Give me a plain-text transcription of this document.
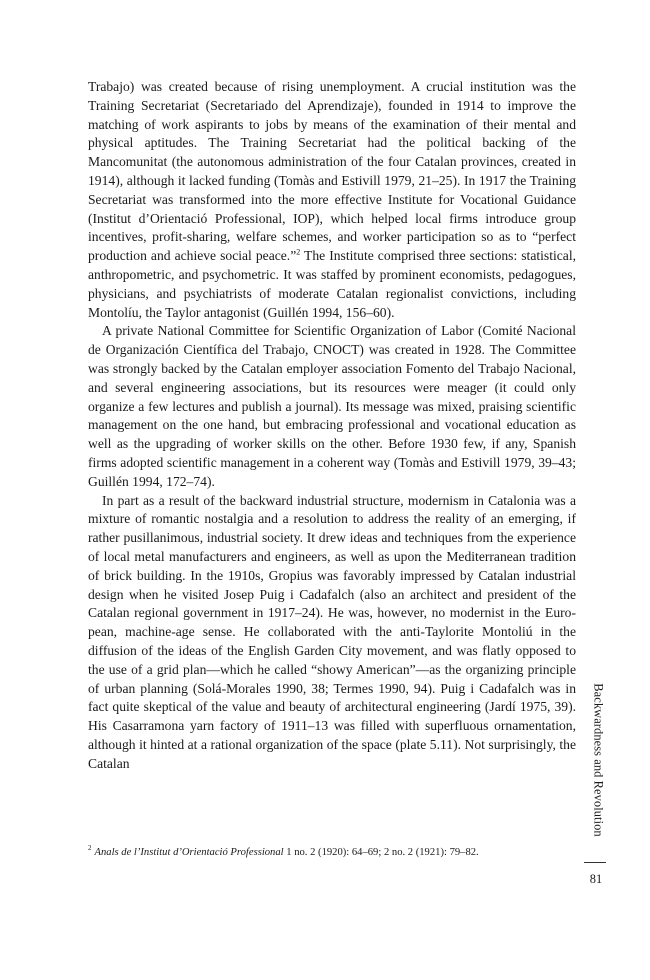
Trabajo) was created because of rising unemployment. A crucial institution was the Training Secretariat (Secretariado del Aprendizaje), founded in 1914 to improve the matching of work aspirants to jobs by means of the examination of their mental and physical aptitudes. The Training Secretariat had the political backing of the Mancomunitat (the autonomous administration of the four Catalan provinces, created in 1914), although it lacked funding (Tomàs and Estivill 1979, 21–25). In 1917 the Training Secretariat was transformed into the more effective Institute for Vocational Guidance (Institut d’Orientació Professional, IOP), which helped local firms introduce group incentives, profit-sharing, welfare schemes, and worker participation so as to “perfect production and achieve social peace.”$^2$ The Institute comprised three sections: statistical, anthropometric, and psychometric. It was staffed by prominent economists, pedagogues, physicians, and psychiatrists of moderate Catalan regionalist convictions, including Montolíu, the Taylor antagonist (Guillén 1994, 156–60).

A private National Committee for Scientific Organization of Labor (Comité Nacional de Organización Científica del Trabajo, CNOCT) was created in 1928. The Committee was strongly backed by the Catalan employer association Fomento del Trabajo Nacional, and several engineering associations, but its resources were meager (it could only organize a few lectures and publish a journal). Its message was mixed, praising scientific management on the one hand, but embracing professional and vocational education as well as the upgrading of worker skills on the other. Before 1930 few, if any, Spanish firms adopted scientific management in a coherent way (Tomàs and Estivill 1979, 39–43; Guillén 1994, 172–74).

In part as a result of the backward industrial structure, modernism in Catalonia was a mixture of romantic nostalgia and a resolution to address the reality of an emerging, if rather pusillanimous, industrial society. It drew ideas and techniques from the experience of local metal manufacturers and engineers, as well as upon the Mediterranean tradition of brick building. In the 1910s, Gropius was favorably impressed by Catalan industrial design when he visited Josep Puig i Cadafalch (also an architect and president of the Catalan regional government in 1917–24). He was, however, no modernist in the European, machine-age sense. He collaborated with the anti-Taylorite Montoliú in the diffusion of the ideas of the English Garden City movement, and was flatly opposed to the use of a grid plan—which he called “showy American”—as the organizing principle of urban planning (Solá-Morales 1990, 38; Termes 1990, 94). Puig i Cadafalch was in fact quite skeptical of the value and beauty of architectural engineering (Jardí 1975, 39). His Casarramona yarn factory of 1911–13 was filled with superfluous ornamentation, although it hinted at a rational organization of the space (plate 5.11). Not surprisingly, the Catalan

$^2$ Anals de l’Institut d’Orientació Professional 1 no. 2 (1920): 64–69; 2 no. 2 (1921): 79–82.
Backwardness and Revolution
81
